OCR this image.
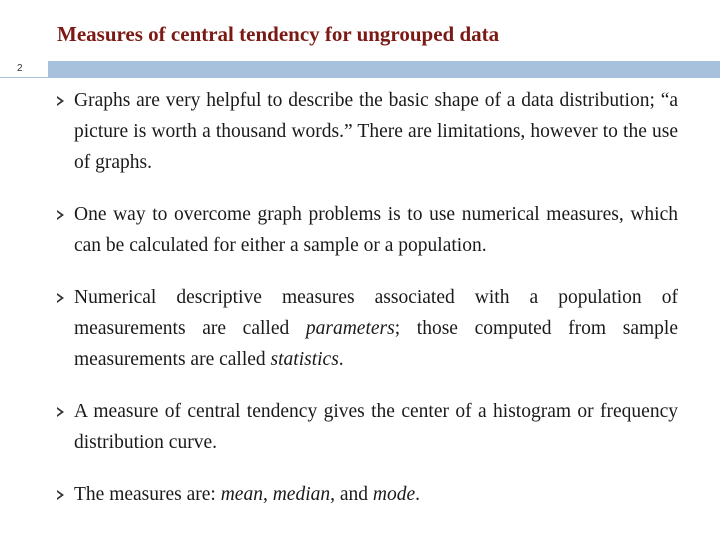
Measures of central tendency for ungrouped data
2
Graphs are very helpful to describe the basic shape of a data distribution; “a picture is worth a thousand words.” There are limitations, however to the use of graphs.
One way to overcome graph problems is to use numerical measures, which can be calculated for either a sample or a population.
Numerical descriptive measures associated with a population of measurements are called parameters; those computed from sample measurements are called statistics.
A measure of central tendency gives the center of a histogram or frequency distribution curve.
The measures are: mean, median, and mode.
